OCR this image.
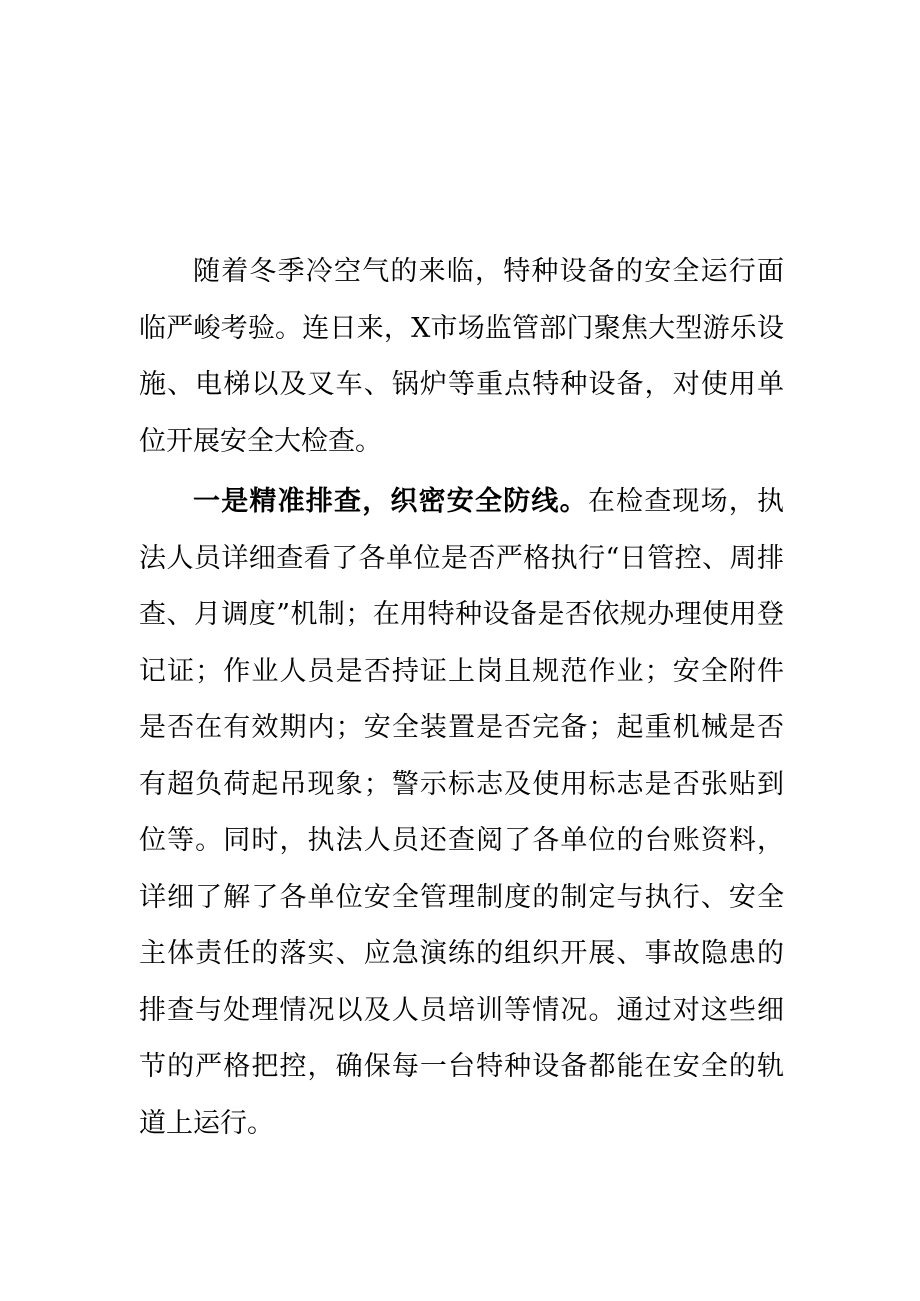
随着冬季冷空气的来临，特种设备的安全运行面临严峻考验。连日来，X市场监管部门聚焦大型游乐设施、电梯以及叉车、锅炉等重点特种设备，对使用单位开展安全大检查。

一是精准排查，织密安全防线。在检查现场，执法人员详细查看了各单位是否严格执行“日管控、周排查、月调度”机制；在用特种设备是否依规办理使用登记证；作业人员是否持证上岗且规范作业；安全附件是否在有效期内；安全装置是否完备；起重机械是否有超负荷起吊现象；警示标志及使用标志是否张贴到位等。同时，执法人员还查阅了各单位的台账资料，详细了解了各单位安全管理制度的制定与执行、安全主体责任的落实、应急演练的组织开展、事故隐患的排查与处理情况以及人员培训等情况。通过对这些细节的严格把控，确保每一台特种设备都能在安全的轨道上运行。
